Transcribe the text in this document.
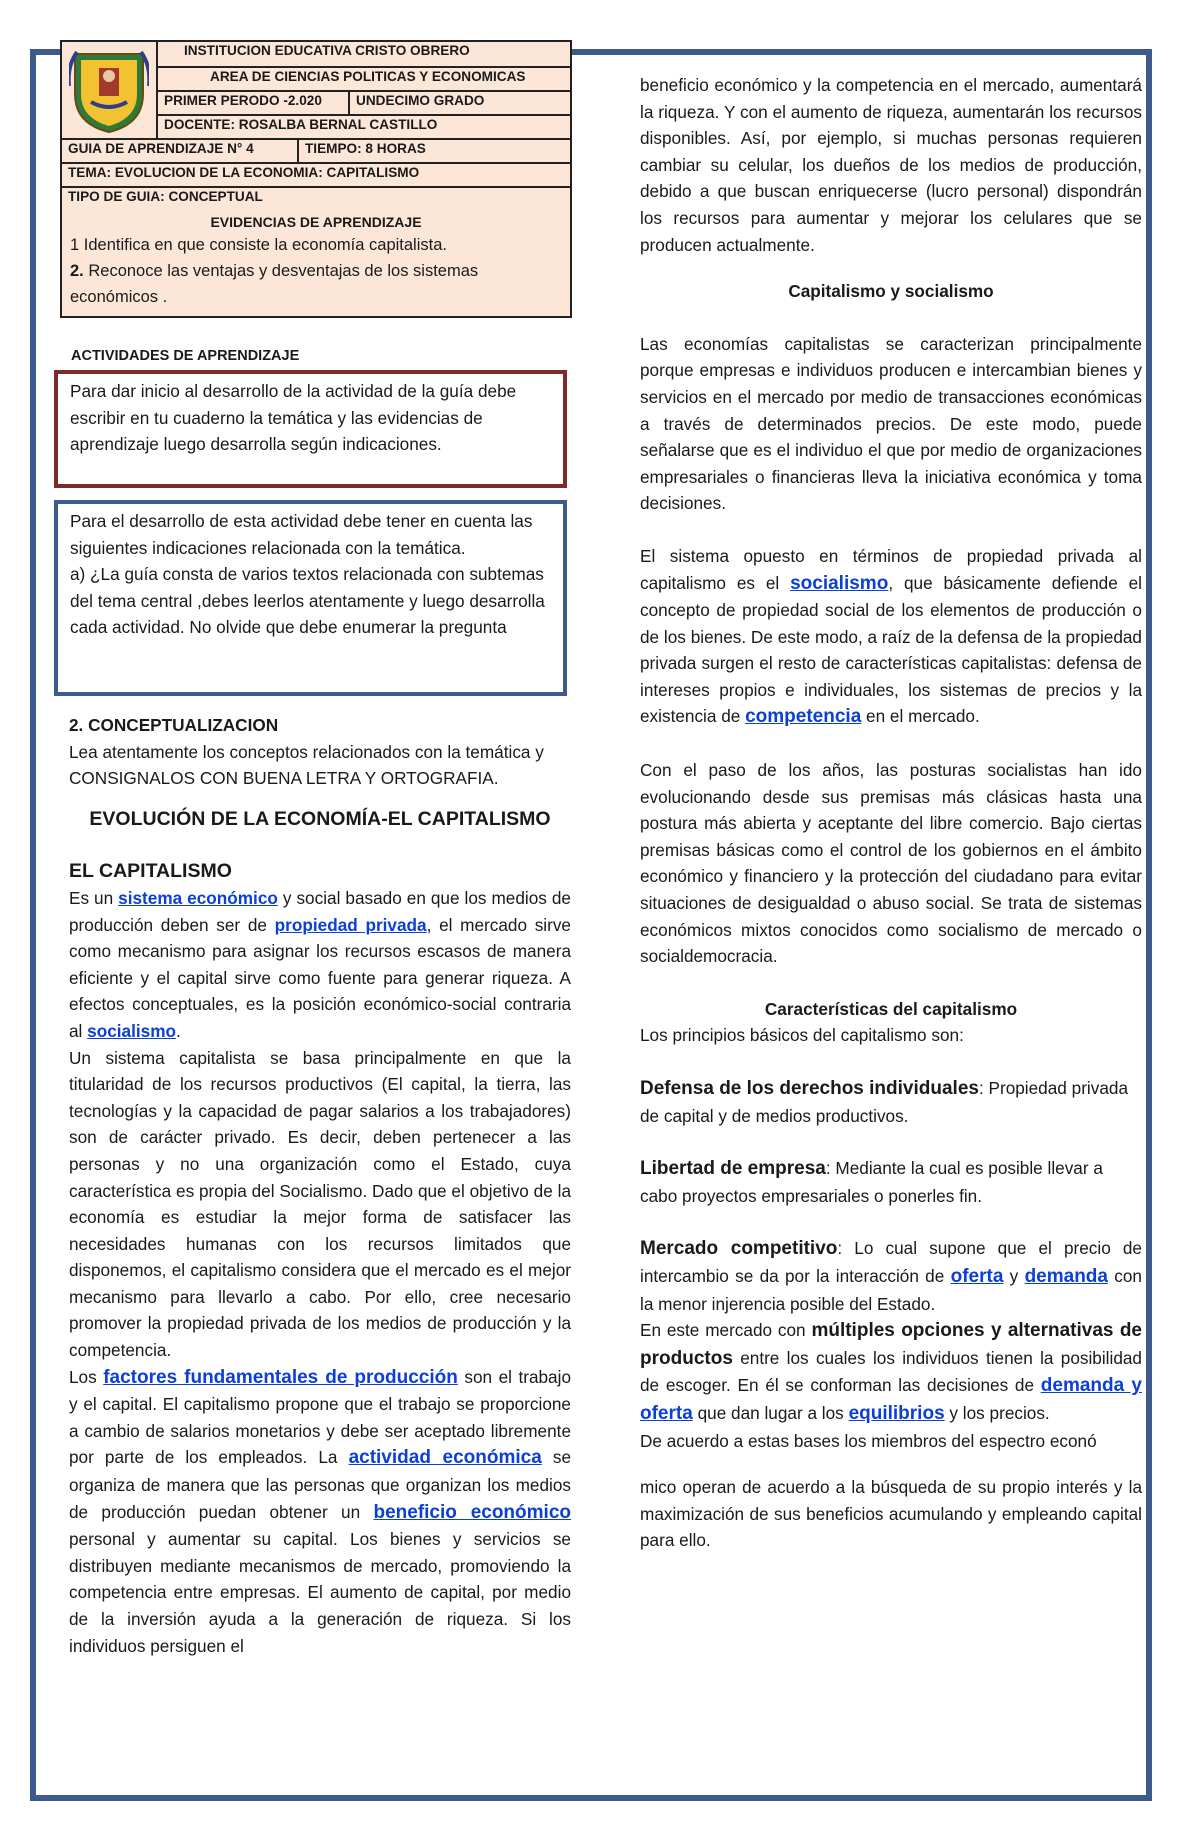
INSTITUCION EDUCATIVA CRISTO OBRERO
AREA DE CIENCIAS POLITICAS Y ECONOMICAS
PRIMER PERODO -2.020	UNDECIMO GRADO
DOCENTE: ROSALBA BERNAL CASTILLO
GUIA DE APRENDIZAJE N° 4	TIEMPO: 8 HORAS
TEMA: EVOLUCION DE LA ECONOMIA: CAPITALISMO
TIPO DE GUIA: CONCEPTUAL
EVIDENCIAS DE APRENDIZAJE

1 Identifica en que consiste la economía capitalista.

2. Reconoce las ventajas y desventajas de los sistemas económicos .

ACTIVIDADES DE APRENDIZAJE

Para dar inicio al desarrollo de la actividad de la guía debe escribir en tu cuaderno la temática y las evidencias de aprendizaje luego desarrolla según indicaciones.

Para el desarrollo de esta actividad debe tener en cuenta las siguientes indicaciones relacionada con la temática.

a) ¿La guía consta de varios textos relacionada con subtemas del tema central ,debes leerlos atentamente y luego desarrolla cada actividad. No olvide que debe enumerar la pregunta

2. CONCEPTUALIZACION

Lea atentamente los conceptos relacionados con la temática y CONSIGNALOS CON BUENA LETRA Y ORTOGRAFIA.

EVOLUCIÓN DE LA ECONOMÍA-EL CAPITALISMO

EL CAPITALISMO

Es un sistema económico y social basado en que los medios de producción deben ser de propiedad privada, el mercado sirve como mecanismo para asignar los recursos escasos de manera eficiente y el capital sirve como fuente para generar riqueza. A efectos conceptuales, es la posición económico-social contraria al socialismo.

Un sistema capitalista se basa principalmente en que la titularidad de los recursos productivos (El capital, la tierra, las tecnologías y la capacidad de pagar salarios a los trabajadores) son de carácter privado. Es decir, deben pertenecer a las personas y no una organización como el Estado, cuya característica es propia del Socialismo. Dado que el objetivo de la economía es estudiar la mejor forma de satisfacer las necesidades humanas con los recursos limitados que disponemos, el capitalismo considera que el mercado es el mejor mecanismo para llevarlo a cabo. Por ello, cree necesario promover la propiedad privada de los medios de producción y la competencia.

Los factores fundamentales de producción son el trabajo y el capital. El capitalismo propone que el trabajo se proporcione a cambio de salarios monetarios y debe ser aceptado libremente por parte de los empleados. La actividad económica se organiza de manera que las personas que organizan los medios de producción puedan obtener un beneficio económico personal y aumentar su capital. Los bienes y servicios se distribuyen mediante mecanismos de mercado, promoviendo la competencia entre empresas. El aumento de capital, por medio de la inversión ayuda a la generación de riqueza. Si los individuos persiguen el

beneficio económico y la competencia en el mercado, aumentará la riqueza. Y con el aumento de riqueza, aumentarán los recursos disponibles. Así, por ejemplo, si muchas personas requieren cambiar su celular, los dueños de los medios de producción, debido a que buscan enriquecerse (lucro personal) dispondrán los recursos para aumentar y mejorar los celulares que se producen actualmente.

Capitalismo y socialismo

Las economías capitalistas se caracterizan principalmente porque empresas e individuos producen e intercambian bienes y servicios en el mercado por medio de transacciones económicas a través de determinados precios. De este modo, puede señalarse que es el individuo el que por medio de organizaciones empresariales o financieras lleva la iniciativa económica y toma decisiones.

El sistema opuesto en términos de propiedad privada al capitalismo es el socialismo, que básicamente defiende el concepto de propiedad social de los elementos de producción o de los bienes. De este modo, a raíz de la defensa de la propiedad privada surgen el resto de características capitalistas: defensa de intereses propios e individuales, los sistemas de precios y la existencia de competencia en el mercado.

Con el paso de los años, las posturas socialistas han ido evolucionando desde sus premisas más clásicas hasta una postura más abierta y aceptante del libre comercio. Bajo ciertas premisas básicas como el control de los gobiernos en el ámbito económico y financiero y la protección del ciudadano para evitar situaciones de desigualdad o abuso social. Se trata de sistemas económicos mixtos conocidos como socialismo de mercado o socialdemocracia.

Características del capitalismo

Los principios básicos del capitalismo son:

Defensa de los derechos individuales: Propiedad privada de capital y de medios productivos.

Libertad de empresa: Mediante la cual es posible llevar a cabo proyectos empresariales o ponerles fin.

Mercado competitivo: Lo cual supone que el precio de intercambio se da por la interacción de oferta y demanda con la menor injerencia posible del Estado.

En este mercado con múltiples opciones y alternativas de productos entre los cuales los individuos tienen la posibilidad de escoger. En él se conforman las decisiones de demanda y oferta que dan lugar a los equilibrios y los precios.

De acuerdo a estas bases los miembros del espectro econó

mico operan de acuerdo a la búsqueda de su propio interés y la maximización de sus beneficios acumulando y empleando capital para ello.
